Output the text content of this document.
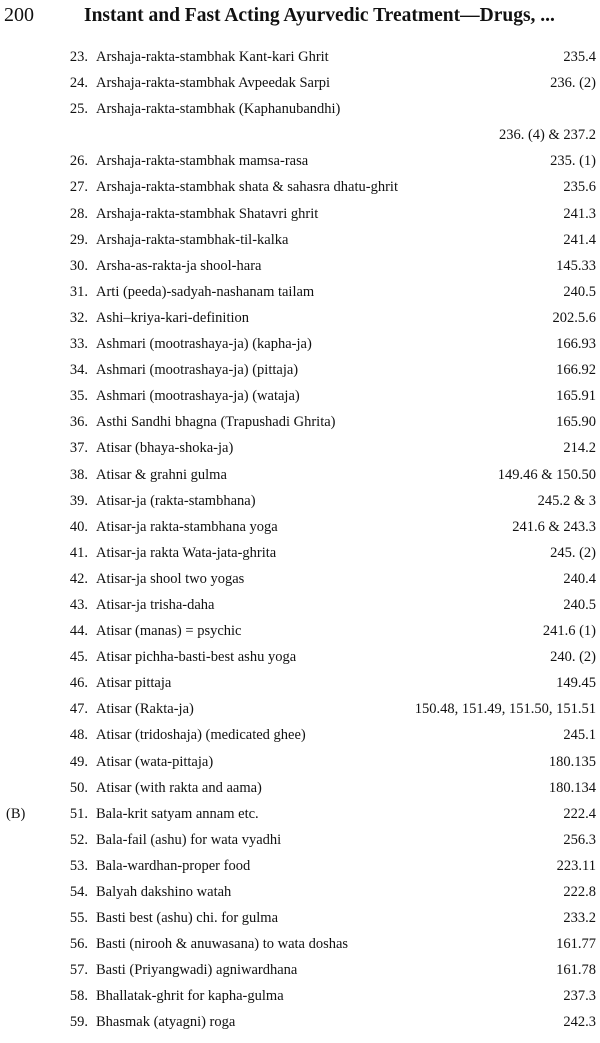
200	Instant and Fast Acting Ayurvedic Treatment—Drugs, ...
23. Arshaja-rakta-stambhak Kant-kari Ghrit	235.4
24. Arshaja-rakta-stambhak Avpeedak Sarpi	236. (2)
25. Arshaja-rakta-stambhak (Kaphanubandhi)
236. (4) & 237.2
26. Arshaja-rakta-stambhak mamsa-rasa	235. (1)
27. Arshaja-rakta-stambhak shata & sahasra dhatu-ghrit	235.6
28. Arshaja-rakta-stambhak Shatavri ghrit	241.3
29. Arshaja-rakta-stambhak-til-kalka	241.4
30. Arsha-as-rakta-ja shool-hara	145.33
31. Arti (peeda)-sadyah-nashanam tailam	240.5
32. Ashi–kriya-kari-definition	202.5.6
33. Ashmari (mootrashaya-ja) (kapha-ja)	166.93
34. Ashmari (mootrashaya-ja) (pittaja)	166.92
35. Ashmari (mootrashaya-ja) (wataja)	165.91
36. Asthi Sandhi bhagna (Trapushadi Ghrita)	165.90
37. Atisar (bhaya-shoka-ja)	214.2
38. Atisar & grahni gulma	149.46 & 150.50
39. Atisar-ja (rakta-stambhana)	245.2 & 3
40. Atisar-ja rakta-stambhana yoga	241.6 & 243.3
41. Atisar-ja rakta Wata-jata-ghrita	245. (2)
42. Atisar-ja shool two yogas	240.4
43. Atisar-ja trisha-daha	240.5
44. Atisar (manas) = psychic	241.6 (1)
45. Atisar pichha-basti-best ashu yoga	240. (2)
46. Atisar pittaja	149.45
47. Atisar (Rakta-ja)	150.48, 151.49, 151.50, 151.51
48. Atisar (tridoshaja) (medicated ghee)	245.1
49. Atisar (wata-pittaja)	180.135
50. Atisar (with rakta and aama)	180.134
(B)	51. Bala-krit satyam annam etc.	222.4
52. Bala-fail (ashu) for wata vyadhi	256.3
53. Bala-wardhan-proper food	223.11
54. Balyah dakshino watah	222.8
55. Basti best (ashu) chi. for gulma	233.2
56. Basti (nirooh & anuwasana) to wata doshas	161.77
57. Basti (Priyangwadi) agniwardhana	161.78
58. Bhallatak-ghrit for kapha-gulma	237.3
59. Bhasmak (atyagni) roga	242.3
